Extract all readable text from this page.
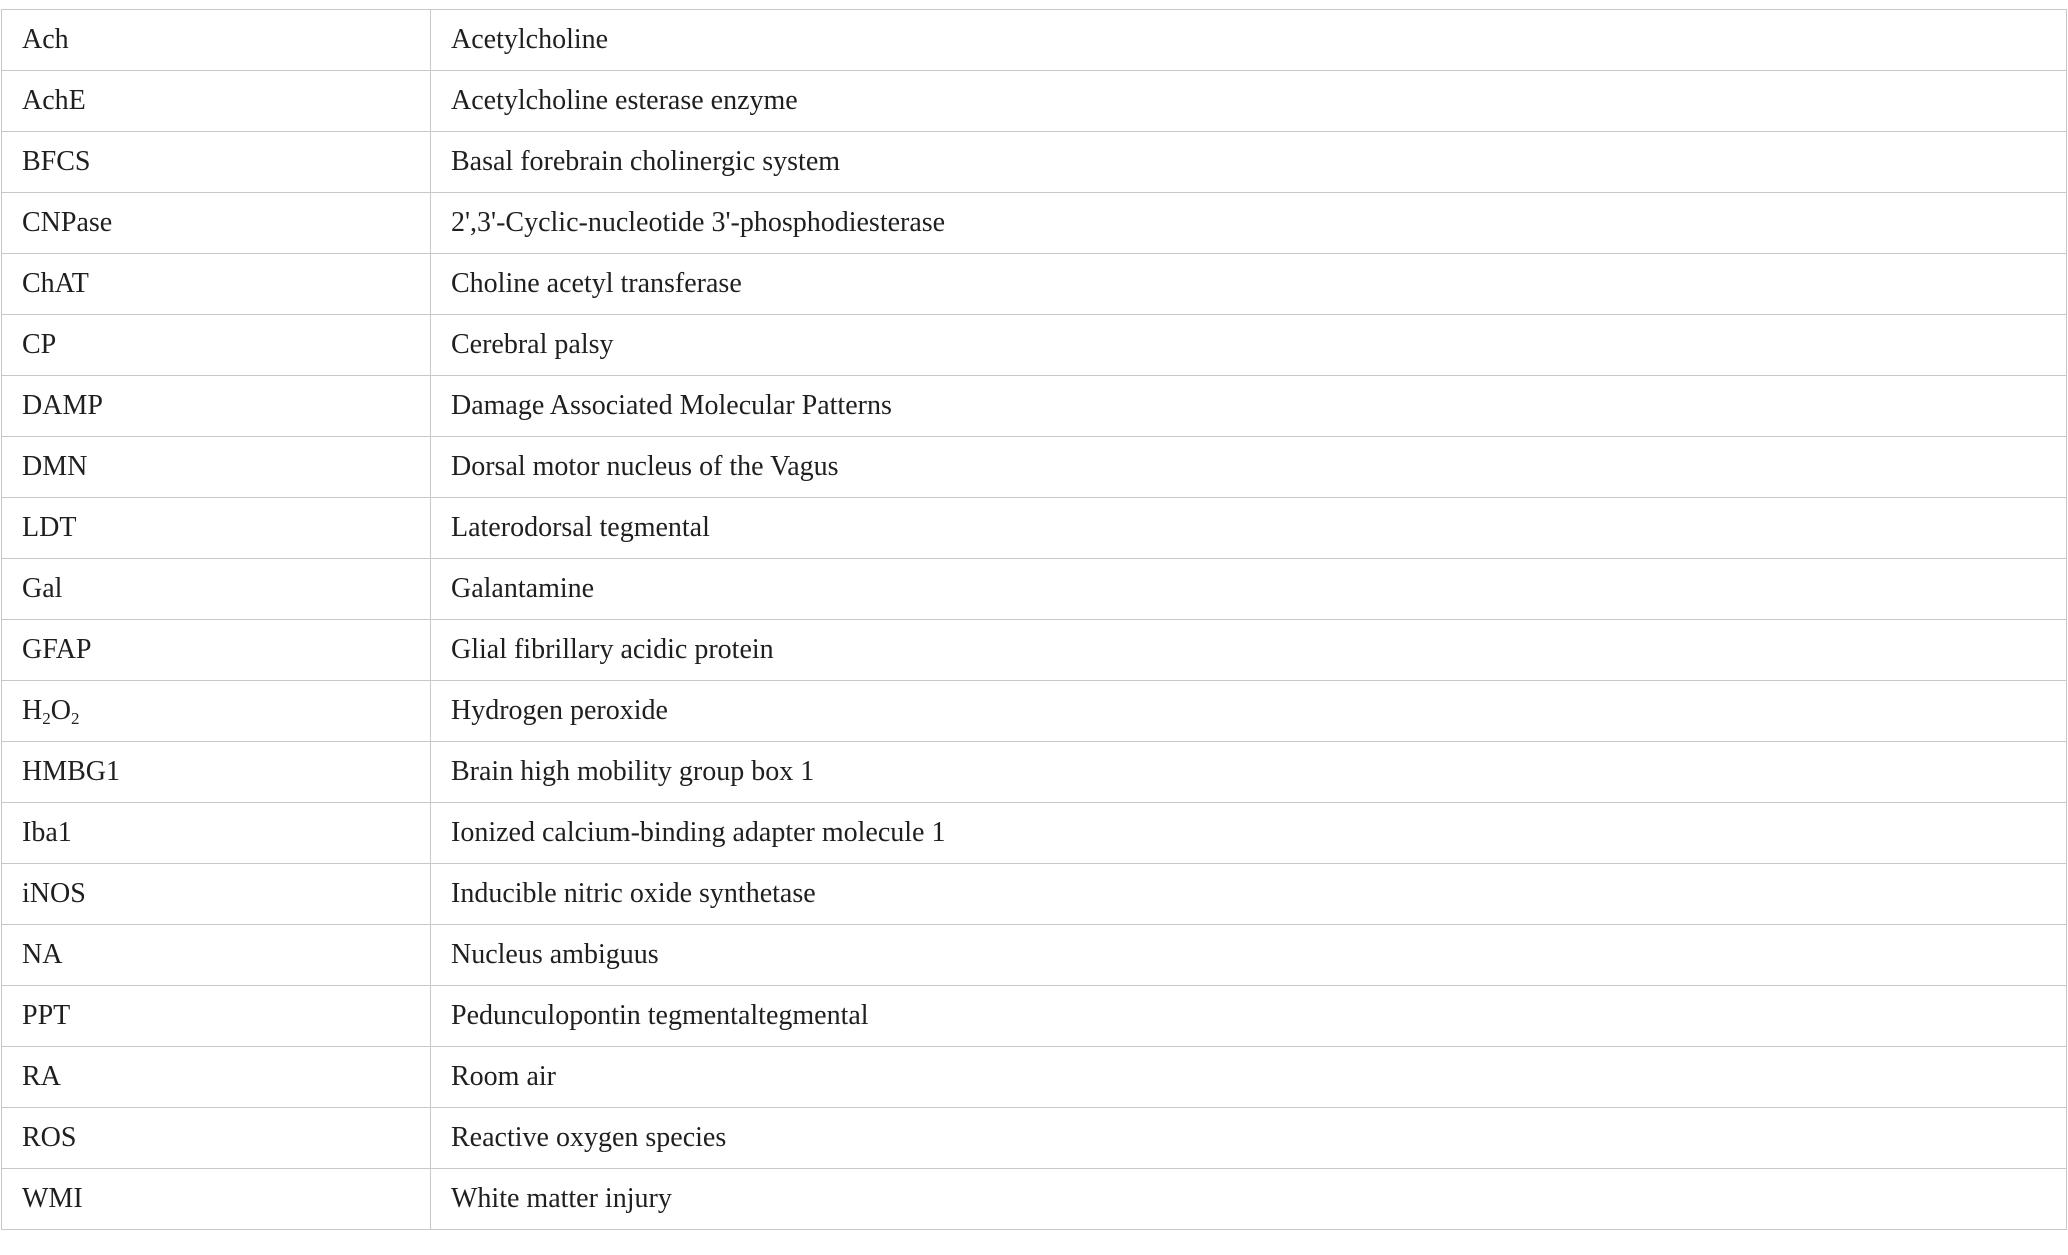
Ach	Acetylcholine
AchE	Acetylcholine esterase enzyme
BFCS	Basal forebrain cholinergic system
CNPase	2',3'-Cyclic-nucleotide 3'-phosphodiesterase
ChAT	Choline acetyl transferase
CP	Cerebral palsy
DAMP	Damage Associated Molecular Patterns
DMN	Dorsal motor nucleus of the Vagus
LDT	Laterodorsal tegmental
Gal	Galantamine
GFAP	Glial fibrillary acidic protein
$H_2O_2$	Hydrogen peroxide
HMBG1	Brain high mobility group box 1
Iba1	Ionized calcium-binding adapter molecule 1
iNOS	Inducible nitric oxide synthetase
NA	Nucleus ambiguus
PPT	Pedunculopontin tegmentaltegmental
RA	Room air
ROS	Reactive oxygen species
WMI	White matter injury
